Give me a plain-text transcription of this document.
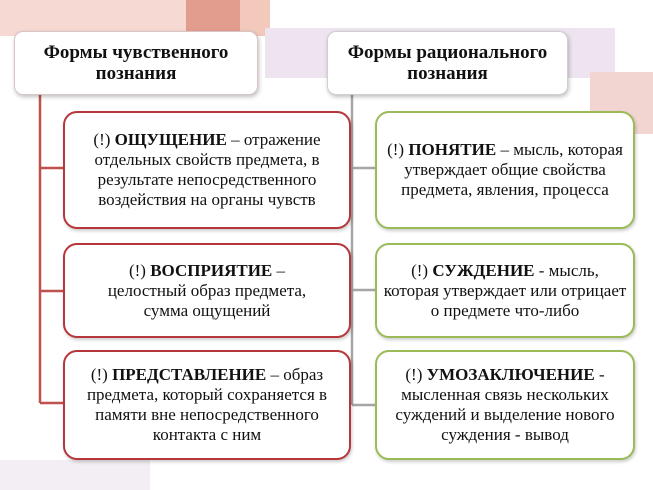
Формы чувственного
познания
Формы рационального
познания

(!) ОЩУЩЕНИЕ – отражение отдельных свойств предмета, в результате непосредственного воздействия на органы чувств

(!) ВОСПРИЯТИЕ – целостный образ предмета, сумма ощущений

(!) ПРЕДСТАВЛЕНИЕ – образ предмета, который сохраняется в памяти вне непосредственного контакта с ним

(!) ПОНЯТИЕ – мысль, которая утверждает общие свойства предмета, явления, процесса

(!) СУЖДЕНИЕ - мысль, которая утверждает или отрицает о предмете что-либо

(!) УМОЗАКЛЮЧЕНИЕ - мысленная связь нескольких суждений и выделение нового суждения - вывод
